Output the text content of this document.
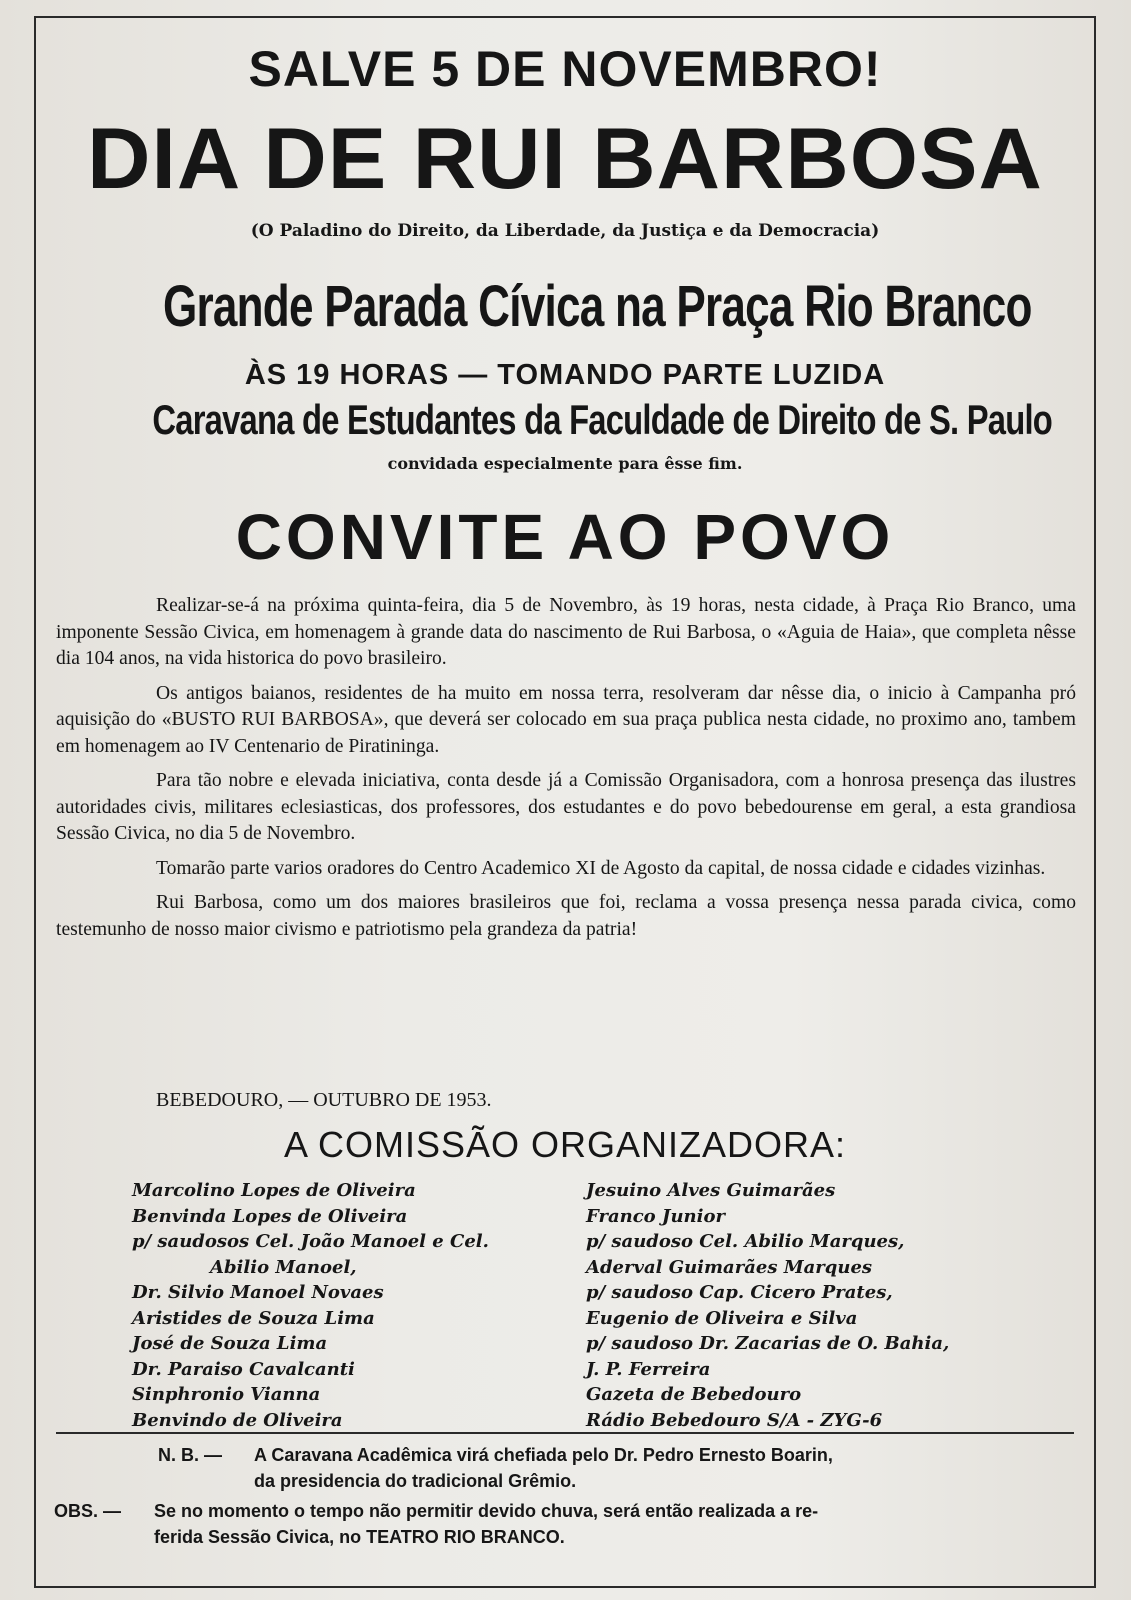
SALVE 5 DE NOVEMBRO!
DIA DE RUI BARBOSA
(O Paladino do Direito, da Liberdade, da Justiça e da Democracia)
Grande Parada Cívica na Praça Rio Branco
ÀS 19 HORAS — TOMANDO PARTE LUZIDA
Caravana de Estudantes da Faculdade de Direito de S. Paulo
convidada especialmente para êsse fim.
CONVITE AO POVO

Realizar-se-á na próxima quinta-feira, dia 5 de Novembro, às 19 horas, nesta cidade, à Praça Rio Branco, uma imponente Sessão Civica, em homenagem à grande data do nascimento de Rui Barbosa, o «Aguia de Haia», que completa nêsse dia 104 anos, na vida historica do povo brasileiro.

Os antigos baianos, residentes de ha muito em nossa terra, resolveram dar nêsse dia, o inicio à Campanha pró aquisição do «BUSTO RUI BARBOSA», que deverá ser colocado em sua praça publica nesta cidade, no proximo ano, tambem em homenagem ao IV Centenario de Piratininga.

Para tão nobre e elevada iniciativa, conta desde já a Comissão Organisadora, com a honrosa presença das ilustres autoridades civis, militares eclesiasticas, dos professores, dos estudantes e do povo bebedourense em geral, a esta grandiosa Sessão Civica, no dia 5 de Novembro.

Tomarão parte varios oradores do Centro Academico XI de Agosto da capital, de nossa cidade e cidades vizinhas.

Rui Barbosa, como um dos maiores brasileiros que foi, reclama a vossa presença nessa parada civica, como testemunho de nosso maior civismo e patriotismo pela grandeza da patria!

BEBEDOURO, — OUTUBRO DE 1953.
A COMISSÃO ORGANIZADORA:
Marcolino Lopes de Oliveira
Benvinda Lopes de Oliveira
p/ saudosos Cel. João Manoel e Cel.
Abilio Manoel,
Dr. Silvio Manoel Novaes
Aristides de Souza Lima
José de Souza Lima
Dr. Paraiso Cavalcanti
Sinphronio Vianna
Benvindo de Oliveira
Jesuino Alves Guimarães
Franco Junior
p/ saudoso Cel. Abilio Marques,
Aderval Guimarães Marques
p/ saudoso Cap. Cicero Prates,
Eugenio de Oliveira e Silva
p/ saudoso Dr. Zacarias de O. Bahia,
J. P. Ferreira
Gazeta de Bebedouro
Rádio Bebedouro S/A - ZYG-6
N. B. — A Caravana Acadêmica virá chefiada pelo Dr. Pedro Ernesto Boarin,
da presidencia do tradicional Grêmio.
OBS. — Se no momento o tempo não permitir devido chuva, será então realizada a re-
ferida Sessão Civica, no TEATRO RIO BRANCO.
